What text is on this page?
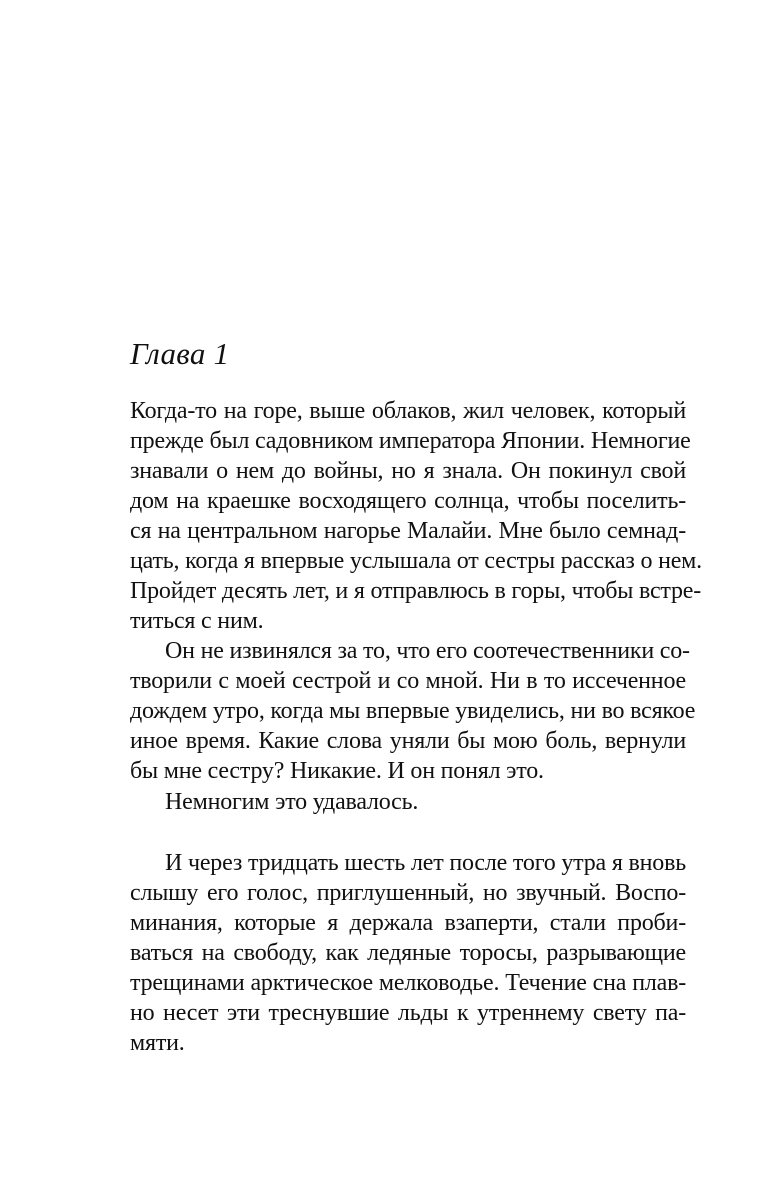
Глава 1
Когда-то на горе, выше облаков, жил человек, который
прежде был садовником императора Японии. Немногие
знавали о нем до войны, но я знала. Он покинул свой
дом на краешке восходящего солнца, чтобы поселить-
ся на центральном нагорье Малайи. Мне было семнад-
цать, когда я впервые услышала от сестры рассказ о нем.
Пройдет десять лет, и я отправлюсь в горы, чтобы встре-
титься с ним.
Он не извинялся за то, что его соотечественники со-
творили с моей сестрой и со мной. Ни в то иссеченное
дождем утро, когда мы впервые увиделись, ни во всякое
иное время. Какие слова уняли бы мою боль, вернули
бы мне сестру? Никакие. И он понял это.
Немногим это удавалось.
И через тридцать шесть лет после того утра я вновь
слышу его голос, приглушенный, но звучный. Воспо-
минания, которые я держала взаперти, стали проби-
ваться на свободу, как ледяные торосы, разрывающие
трещинами арктическое мелководье. Течение сна плав-
но несет эти треснувшие льды к утреннему свету па-
мяти.
